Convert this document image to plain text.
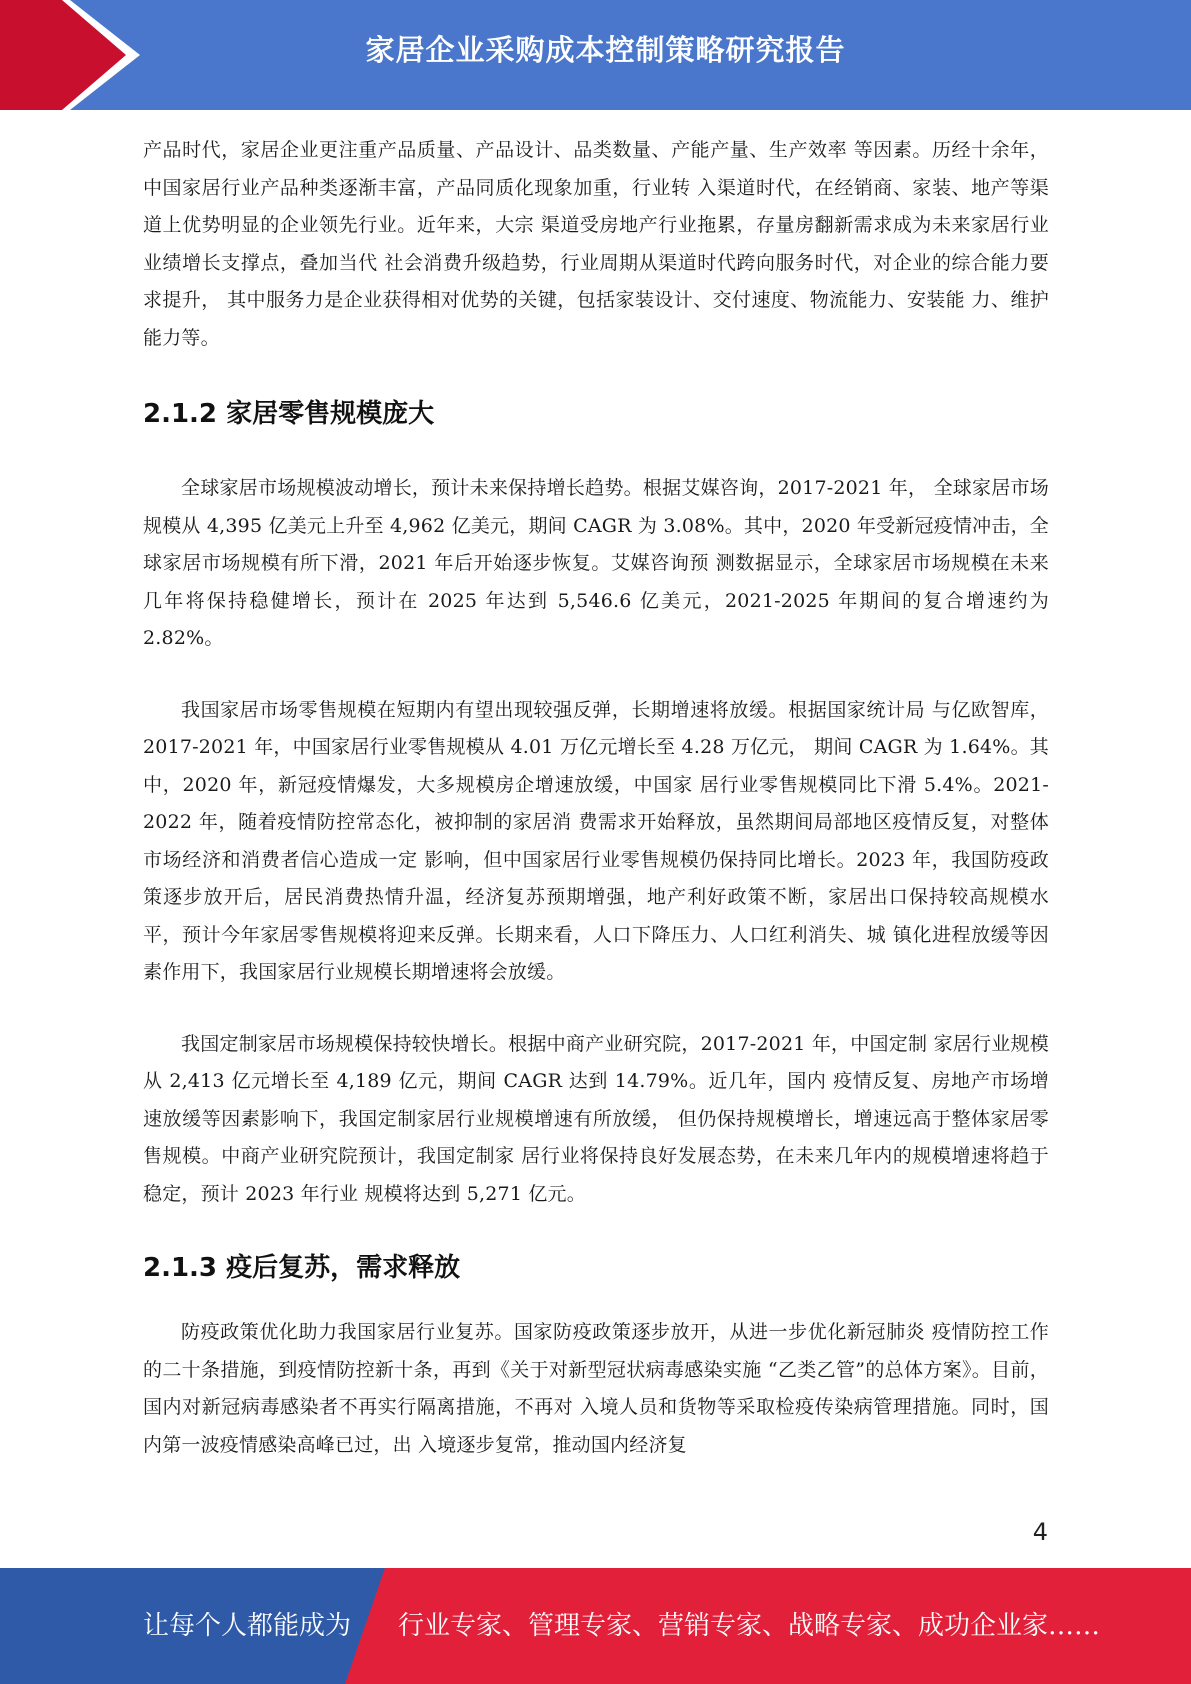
家居企业采购成本控制策略研究报告

产品时代，家居企业更注重产品质量、产品设计、品类数量、产能产量、生产效率 等因素。历经十余年，中国家居行业产品种类逐渐丰富，产品同质化现象加重，行业转 入渠道时代，在经销商、家装、地产等渠道上优势明显的企业领先行业。近年来，大宗 渠道受房地产行业拖累，存量房翻新需求成为未来家居行业业绩增长支撑点，叠加当代 社会消费升级趋势，行业周期从渠道时代跨向服务时代，对企业的综合能力要求提升， 其中服务力是企业获得相对优势的关键，包括家装设计、交付速度、物流能力、安装能 力、维护能力等。

2.1.2 家居零售规模庞大

全球家居市场规模波动增长，预计未来保持增长趋势。根据艾媒咨询，2017-2021 年， 全球家居市场规模从 4,395 亿美元上升至 4,962 亿美元，期间 CAGR 为 3.08%。其中，2020 年受新冠疫情冲击，全球家居市场规模有所下滑，2021 年后开始逐步恢复。艾媒咨询预 测数据显示，全球家居市场规模在未来几年将保持稳健增长，预计在 2025 年达到 5,546.6 亿美元，2021-2025 年期间的复合增速约为 2.82%。

我国家居市场零售规模在短期内有望出现较强反弹，长期增速将放缓。根据国家统计局 与亿欧智库，2017-2021 年，中国家居行业零售规模从 4.01 万亿元增长至 4.28 万亿元， 期间 CAGR 为 1.64%。其中，2020 年，新冠疫情爆发，大多规模房企增速放缓，中国家 居行业零售规模同比下滑 5.4%。2021-2022 年，随着疫情防控常态化，被抑制的家居消 费需求开始释放，虽然期间局部地区疫情反复，对整体市场经济和消费者信心造成一定 影响，但中国家居行业零售规模仍保持同比增长。2023 年，我国防疫政策逐步放开后，居民消费热情升温，经济复苏预期增强，地产利好政策不断，家居出口保持较高规模水 平，预计今年家居零售规模将迎来反弹。长期来看，人口下降压力、人口红利消失、城 镇化进程放缓等因素作用下，我国家居行业规模长期增速将会放缓。

我国定制家居市场规模保持较快增长。根据中商产业研究院，2017-2021 年，中国定制 家居行业规模从 2,413 亿元增长至 4,189 亿元，期间 CAGR 达到 14.79%。近几年，国内 疫情反复、房地产市场增速放缓等因素影响下，我国定制家居行业规模增速有所放缓， 但仍保持规模增长，增速远高于整体家居零售规模。中商产业研究院预计，我国定制家 居行业将保持良好发展态势，在未来几年内的规模增速将趋于稳定，预计 2023 年行业 规模将达到 5,271 亿元。

2.1.3 疫后复苏，需求释放

防疫政策优化助力我国家居行业复苏。国家防疫政策逐步放开，从进一步优化新冠肺炎 疫情防控工作的二十条措施，到疫情防控新十条，再到《关于对新型冠状病毒感染实施 “乙类乙管”的总体方案》。目前，国内对新冠病毒感染者不再实行隔离措施，不再对 入境人员和货物等采取检疫传染病管理措施。同时，国内第一波疫情感染高峰已过，出 入境逐步复常，推动国内经济复

4
让每个人都能成为 行业专家、管理专家、营销专家、战略专家、成功企业家……
